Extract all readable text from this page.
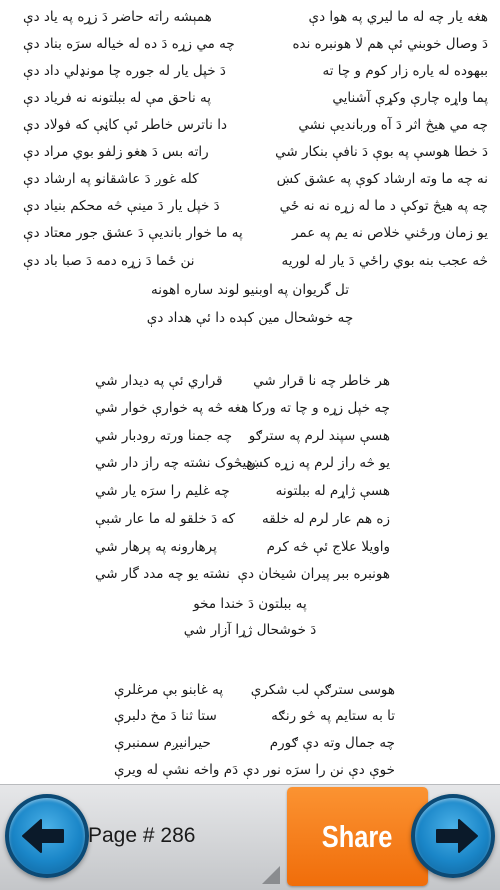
هغه يار چه له ما ليري په هوا دې
همېشه راته حاضر دَ زړه په ياد دې
دَ وصال خوبني ئې هم لا هونبره نده
چه مي زړه دَ ده له خياله سرَه بناد دې
ببهوده له ياره زار کوم و چا ته
دَ خپل يار له جوره چا مونډلي داد دې
پما واړه چارې وکړې آشنايي
په ناحق مې له ببلتونه نه فرياد دې
چه مي هيڅ اثر دَ آه وربانديې نشي
دا ناترس خاطر ئې کاڼې که فولاد دې
دَ خطا هوسې په بوې دَ نافې بنکار شي
راته بس دَ هغو زلفو بوي مراد دې
نه چه ما وته ارشاد کوې په عشق کښ
کله غوږ دَ عاشقانو په ارشاد دې
چه په هيڅ توکې د ما له زړه نه نه ځي
دَ خپل يار دَ مينې څه محکم بنياد دې
يو زمان ورځني خلاص نه يم په عمر
په ما خوار بانديې دَ عشق جور معتاد دې
څه عجب بنه بوي راځي دَ يار له لوريه
نن ځما دَ زړه دمه دَ صبا باد دې
تل گريوان په اوبنيو لوند ساره اهونه
چه خوشحال مين کېده دا ئې هداد دې
هر خاطر چه نا قرار شي
قراري ئې په ديدار شي
چه خپل زړه و چا ته ورکا
هغه څه په خوارې خوار شي
هسې سپند لرم په سترګو
چه جمنا ورته رودبار شي
يو څه راز لرم په زړه کښ
هيڅوک نشته چه راز دار شي
هسې ژاړم له ببلتونه
چه غليم را سرَه يار شي
زه هم عار لرم له خلقه
که دَ خلقو له ما عار شبې
واويلا علاج ئې څه کرم
پرهارونه په پرهار شي
هونبره ببر پيران شيخان دې
نشته يو چه مدد گار شي
په ببلتون دَ خندا مخو
دَ خوشحال ژړا آزار شي
هوسى سترګې لب شکرې
په غابنو بې مرغلرې
تا به ستايم په څو رنګه
ستا ثنا دَ مخ دلبرې
چه جمال وته دې ګورم
حيرانيږم سمنبرې
خوې دې نن را سرَه نور دې
دَم واخه نشې له ويرې
Page # 286	Share
